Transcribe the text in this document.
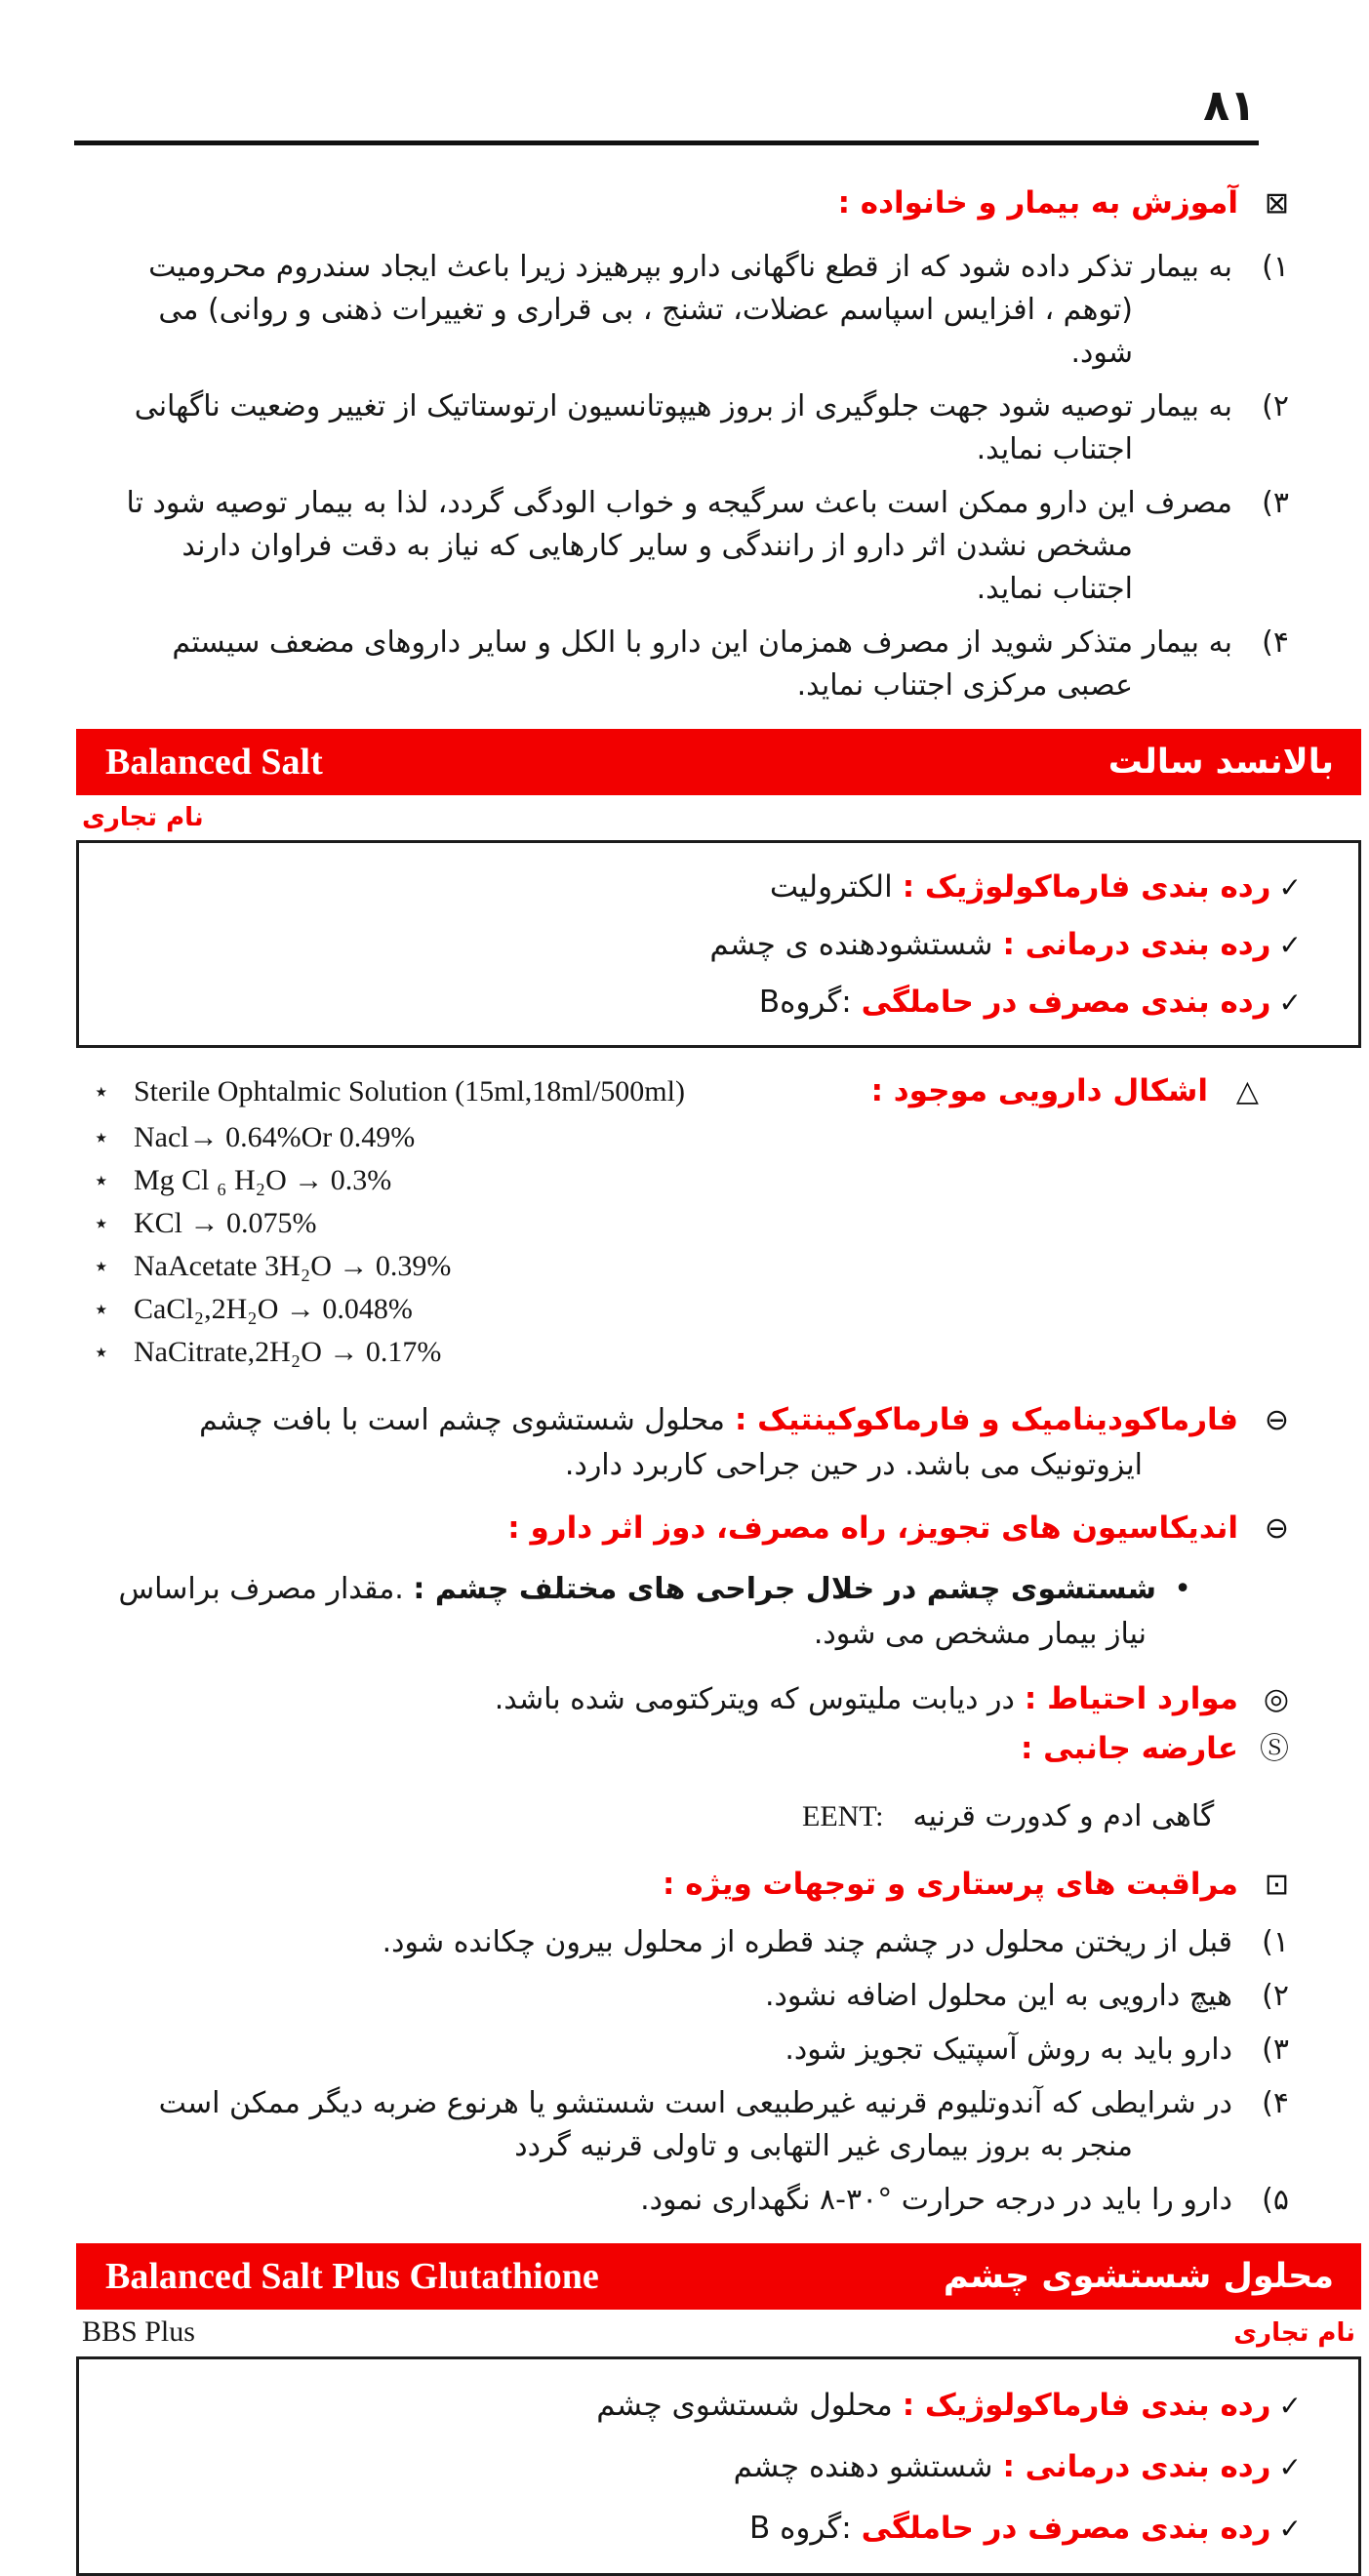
۸۱
⊠آموزش به بیمار و خانواده :
۱)به بیمار تذکر داده شود که از قطع ناگهانی دارو بپرهیزد زیرا باعث ایجاد سندروم محرومیت (توهم ، افزایس اسپاسم عضلات، تشنج ، بی قراری و تغییرات ذهنی و روانی) می شود.
۲)به بیمار توصیه شود جهت جلوگیری از بروز هیپوتانسیون ارتوستاتیک از تغییر وضعیت ناگهانی اجتناب نماید.
۳)مصرف این دارو ممکن است باعث سرگیجه و خواب الودگی گردد، لذا به بیمار توصیه شود تا مشخص نشدن اثر دارو از رانندگی و سایر کارهایی که نیاز به دقت فراوان دارند اجتناب نماید.
۴)به بیمار متذکر شوید از مصرف همزمان این دارو با الکل و سایر داروهای مضعف سیستم عصبی مرکزی اجتناب نماید.
Balanced Salt	بالانسد سالت
نام تجاری
✓رده بندی فارماکولوژیک :الکترولیت
✓رده بندی درمانی :شستشودهنده ی چشم
✓رده بندی مصرف در حاملگی:گروهB
△اشکال دارویی موجود :
⋆ Sterile Ophtalmic Solution (15ml,18ml/500ml)
⋆ Nacl→ 0.64%Or 0.49%
⋆ Mg Cl ₆ H₂O → 0.3%
⋆ KCl → 0.075%
⋆ NaAcetate 3H₂O → 0.39%
⋆ CaCl₂,2H₂O → 0.048%
⋆ NaCitrate,2H₂O → 0.17%
⊖فارماکودینامیک و فارماکوکینتیک :محلول شستشوی چشم است با بافت چشم ایزوتونیک می باشد. در حین جراحی کاربرد دارد.
⊖اندیکاسیون های تجویز، راه مصرف، دوز اثر دارو :
•شستشوی چشم در خلال جراحی های مختلف چشم : .مقدار مصرف براساس نیاز بیمار مشخص می شود.
◎موارد احتیاط :در دیابت ملیتوس که ویترکتومی شده باشد.
Ⓢعارضه جانبی :
EENT: گاهی ادم و کدورت قرنیه
⊡مراقبت های پرستاری و توجهات ویژه :
۱)قبل از ریختن محلول در چشم چند قطره از محلول بیرون چکانده شود.
۲)هیچ دارویی به این محلول اضافه نشود.
۳)دارو باید به روش آسپتیک تجویز شود.
۴)در شرایطی که آندوتلیوم قرنیه غیرطبیعی است شستشو یا هرنوع ضربه دیگر ممکن است منجر به بروز بیماری غیر التهابی و تاولی قرنیه گردد
۵)دارو را باید در درجه حرارت °۳۰-۸ نگهداری نمود.
Balanced Salt Plus Glutathione	محلول شستشوی چشم
BBS Plus	نام تجاری
✓رده بندی فارماکولوژیک :محلول شستشوی چشم
✓رده بندی درمانی :شستشو دهنده چشم
✓رده بندی مصرف در حاملگی:گروه B
